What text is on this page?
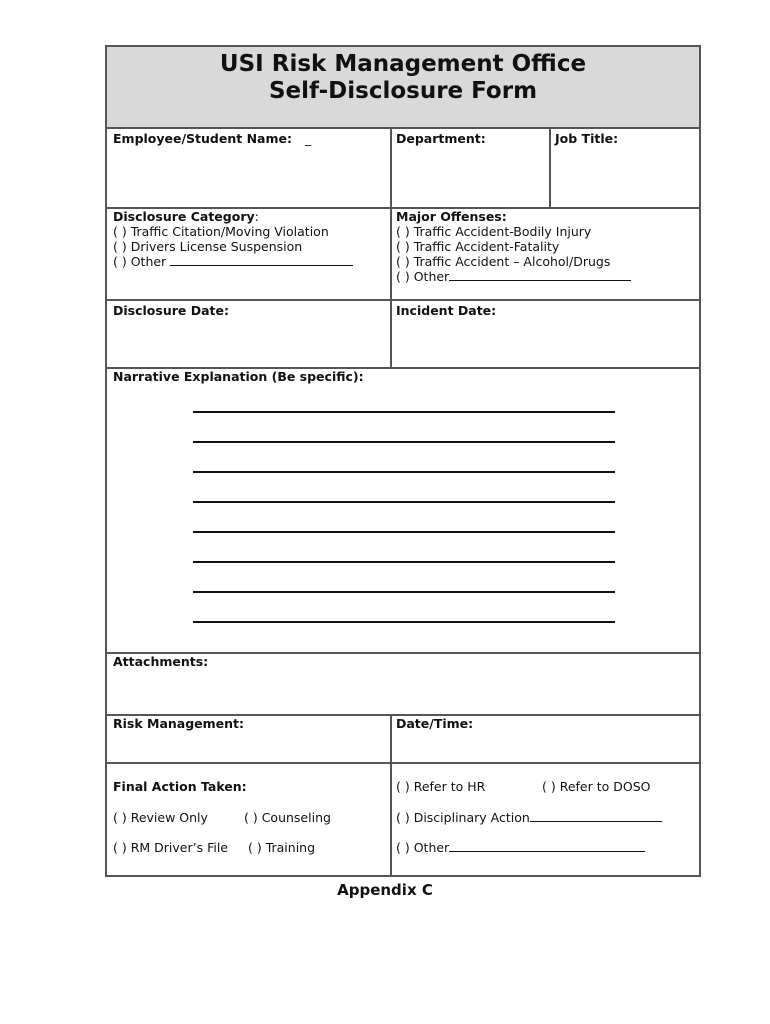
USI Risk Management Office
Self-Disclosure Form
Employee/Student Name: _	Department:	Job Title:
Disclosure Category:
( ) Traffic Citation/Moving Violation
( ) Drivers License Suspension
( ) Other
Major Offenses:
( ) Traffic Accident-Bodily Injury
( ) Traffic Accident-Fatality
( ) Traffic Accident – Alcohol/Drugs
( ) Other
Disclosure Date:	Incident Date:
Narrative Explanation (Be specific):
Attachments:
Risk Management:	Date/Time:
Final Action Taken:
( ) Review Only	( ) Counseling
( ) RM Driver’s File ( ) Training
( ) Refer to HR	( ) Refer to DOSO
( ) Disciplinary Action
( ) Other
Appendix C
